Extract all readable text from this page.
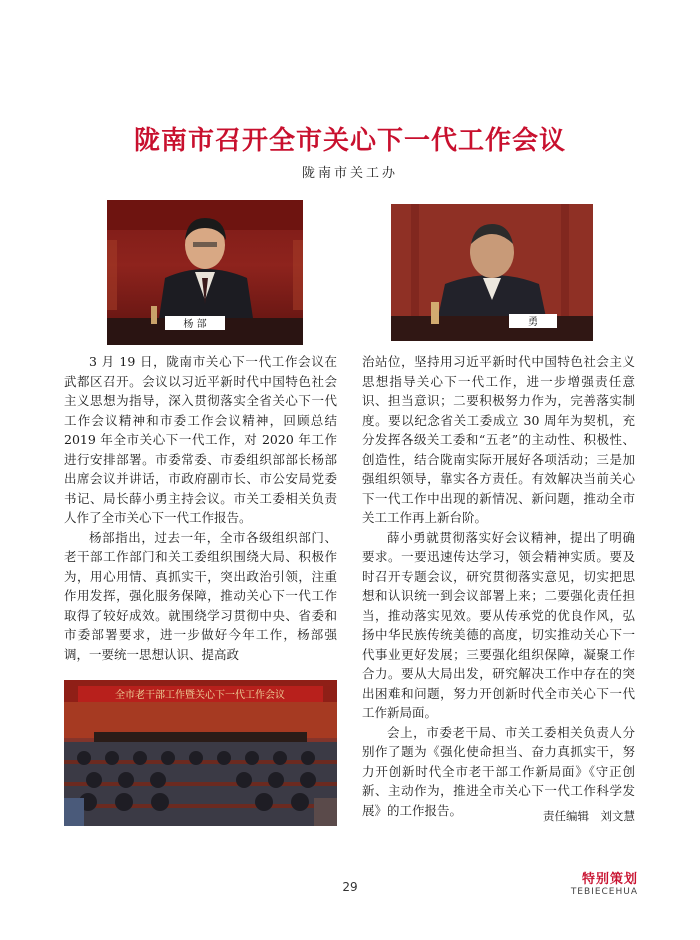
陇南市召开全市关心下一代工作会议
陇南市关工办
杨 部	勇
全市老干部工作暨关心下一代工作会议

3 月 19 日，陇南市关心下一代工作会议在武都区召开。会议以习近平新时代中国特色社会主义思想为指导，深入贯彻落实全省关心下一代工作会议精神和市委工作会议精神，回顾总结 2019 年全市关心下一代工作，对 2020 年工作进行安排部署。市委常委、市委组织部部长杨部出席会议并讲话，市政府副市长、市公安局党委书记、局长薛小勇主持会议。市关工委相关负责人作了全市关心下一代工作报告。

杨部指出，过去一年，全市各级组织部门、老干部工作部门和关工委组织围绕大局、积极作为，用心用情、真抓实干，突出政治引领，注重作用发挥，强化服务保障，推动关心下一代工作取得了较好成效。就围绕学习贯彻中央、省委和市委部署要求，进一步做好今年工作，杨部强调，一要统一思想认识、提高政

治站位，坚持用习近平新时代中国特色社会主义思想指导关心下一代工作，进一步增强责任意识、担当意识；二要积极努力作为，完善落实制度。要以纪念省关工委成立 30 周年为契机，充分发挥各级关工委和“五老”的主动性、积极性、创造性，结合陇南实际开展好各项活动；三是加强组织领导，靠实各方责任。有效解决当前关心下一代工作中出现的新情况、新问题，推动全市关工工作再上新台阶。

薛小勇就贯彻落实好会议精神，提出了明确要求。一要迅速传达学习，领会精神实质。要及时召开专题会议，研究贯彻落实意见，切实把思想和认识统一到会议部署上来；二要强化责任担当，推动落实见效。要从传承党的优良作风，弘扬中华民族传统美德的高度，切实推动关心下一代事业更好发展；三要强化组织保障，凝聚工作合力。要从大局出发，研究解决工作中存在的突出困难和问题，努力开创新时代全市关心下一代工作新局面。

会上，市委老干局、市关工委相关负责人分别作了题为《强化使命担当、奋力真抓实干，努力开创新时代全市老干部工作新局面》《守正创新、主动作为，推进全市关心下一代工作科学发展》的工作报告。	责任编辑　刘文慧
29	特别策划
TEBIECEHUA
